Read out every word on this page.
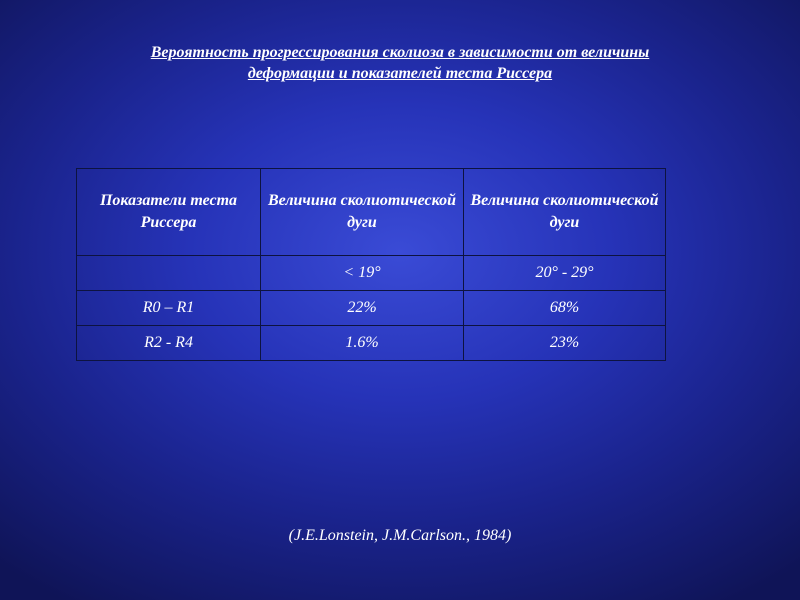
Вероятность прогрессирования сколиоза в зависимости от величины
деформации и показателей теста Риссера
Показатели теста Риссера	Величина сколиотической дуги	Величина сколиотической дуги
	< 19°	20° - 29°
R0 – R1	22%	68%
R2 - R4	1.6%	23%
(J.E.Lonstein, J.M.Carlson., 1984)
